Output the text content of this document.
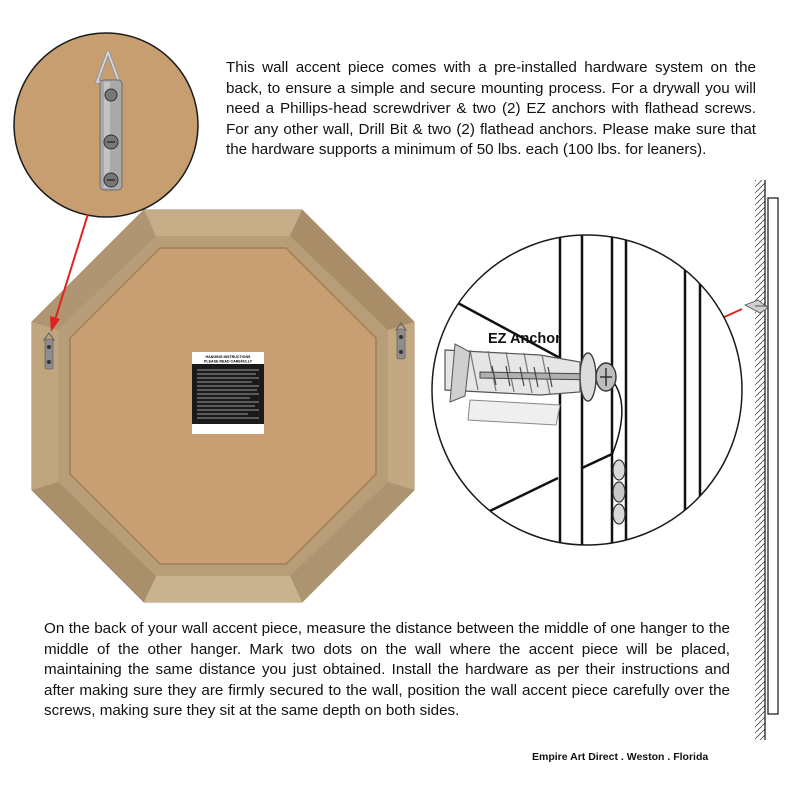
HANGING INSTRUCTIONS
PLEASE READ CAREFULLY
EZ Anchor

This wall accent piece comes with a pre-installed hardware system on the back, to ensure a simple and secure mounting process. For a drywall you will need a Phillips-head screwdriver & two (2) EZ anchors with flathead screws. For any other wall, Drill Bit & two (2) flathead anchors. Please make sure that the hardware supports a minimum of 50 lbs. each (100 lbs. for leaners).

On the back of your wall accent piece, measure the distance between the middle of one hanger to the middle of the other hanger. Mark two dots on the wall where the accent piece will be placed, maintaining the same distance you just obtained. Install the hardware as per their instructions and after making sure they are firmly secured to the wall, position the wall accent piece carefully over the screws, making sure they sit at the same depth on both sides.

Empire Art Direct . Weston . Florida
